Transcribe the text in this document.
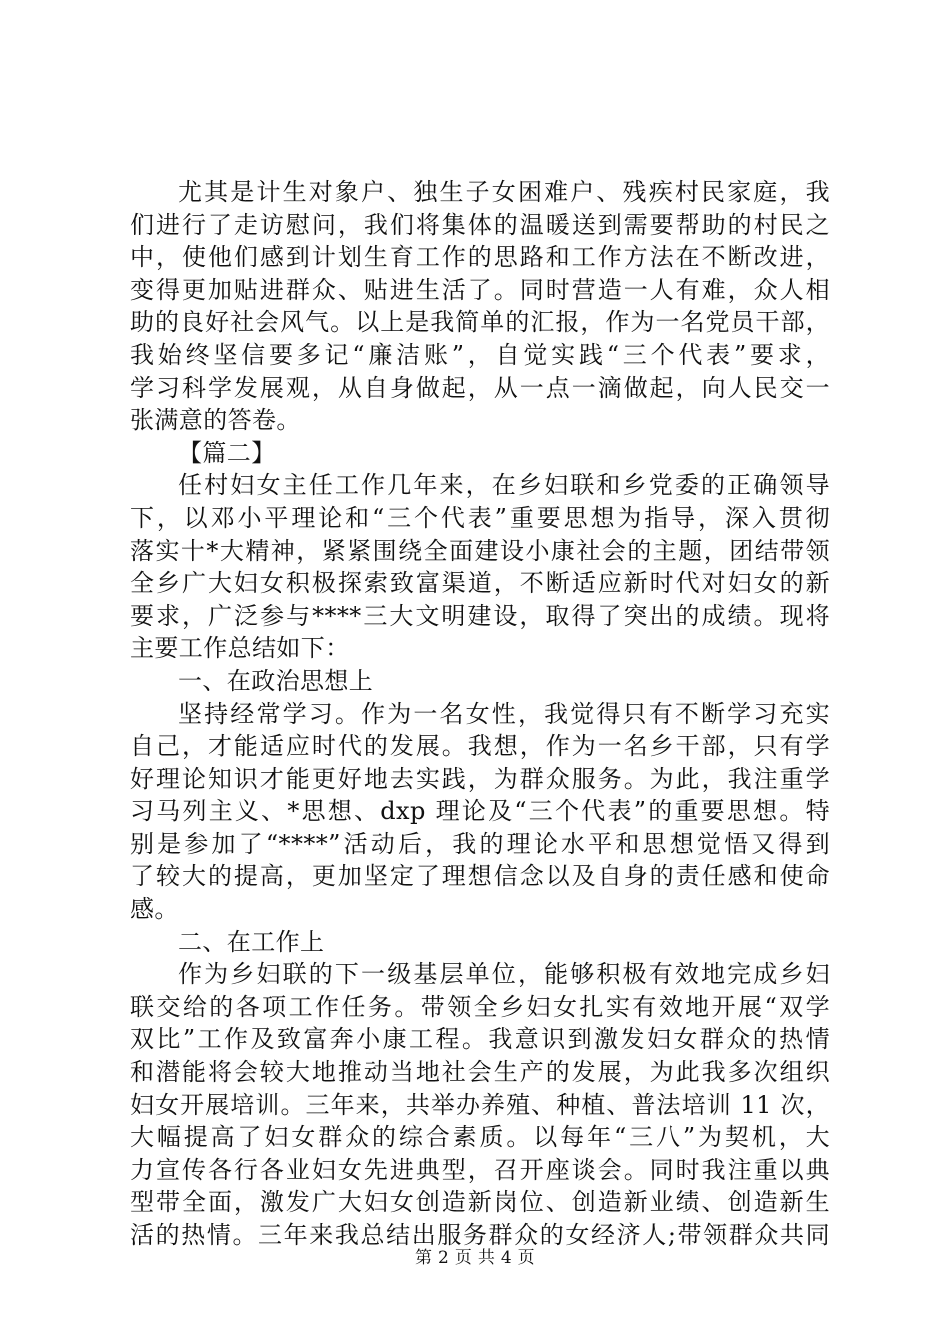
尤其是计生对象户、独生子女困难户、残疾村民家庭，我
们进行了走访慰问，我们将集体的温暖送到需要帮助的村民之
中，使他们感到计划生育工作的思路和工作方法在不断改进，
变得更加贴进群众、贴进生活了。同时营造一人有难，众人相
助的良好社会风气。以上是我简单的汇报，作为一名党员干部，
我始终坚信要多记“廉洁账”，自觉实践“三个代表”要求，
学习科学发展观，从自身做起，从一点一滴做起，向人民交一
张满意的答卷。
【篇二】
任村妇女主任工作几年来，在乡妇联和乡党委的正确领导
下，以邓小平理论和“三个代表”重要思想为指导，深入贯彻
落实十*大精神，紧紧围绕全面建设小康社会的主题，团结带领
全乡广大妇女积极探索致富渠道，不断适应新时代对妇女的新
要求，广泛参与****三大文明建设，取得了突出的成绩。现将
主要工作总结如下：
一、在政治思想上
坚持经常学习。作为一名女性，我觉得只有不断学习充实
自己，才能适应时代的发展。我想，作为一名乡干部，只有学
好理论知识才能更好地去实践，为群众服务。为此，我注重学
习马列主义、*思想、dxp 理论及“三个代表”的重要思想。特
别是参加了“****”活动后，我的理论水平和思想觉悟又得到
了较大的提高，更加坚定了理想信念以及自身的责任感和使命
感。
二、在工作上
作为乡妇联的下一级基层单位，能够积极有效地完成乡妇
联交给的各项工作任务。带领全乡妇女扎实有效地开展“双学
双比”工作及致富奔小康工程。我意识到激发妇女群众的热情
和潜能将会较大地推动当地社会生产的发展，为此我多次组织
妇女开展培训。三年来，共举办养殖、种植、普法培训 11 次，
大幅提高了妇女群众的综合素质。以每年“三八”为契机，大
力宣传各行各业妇女先进典型，召开座谈会。同时我注重以典
型带全面，激发广大妇女创造新岗位、创造新业绩、创造新生
活的热情。三年来我总结出服务群众的女经济人;带领群众共同
第 2 页 共 4 页
